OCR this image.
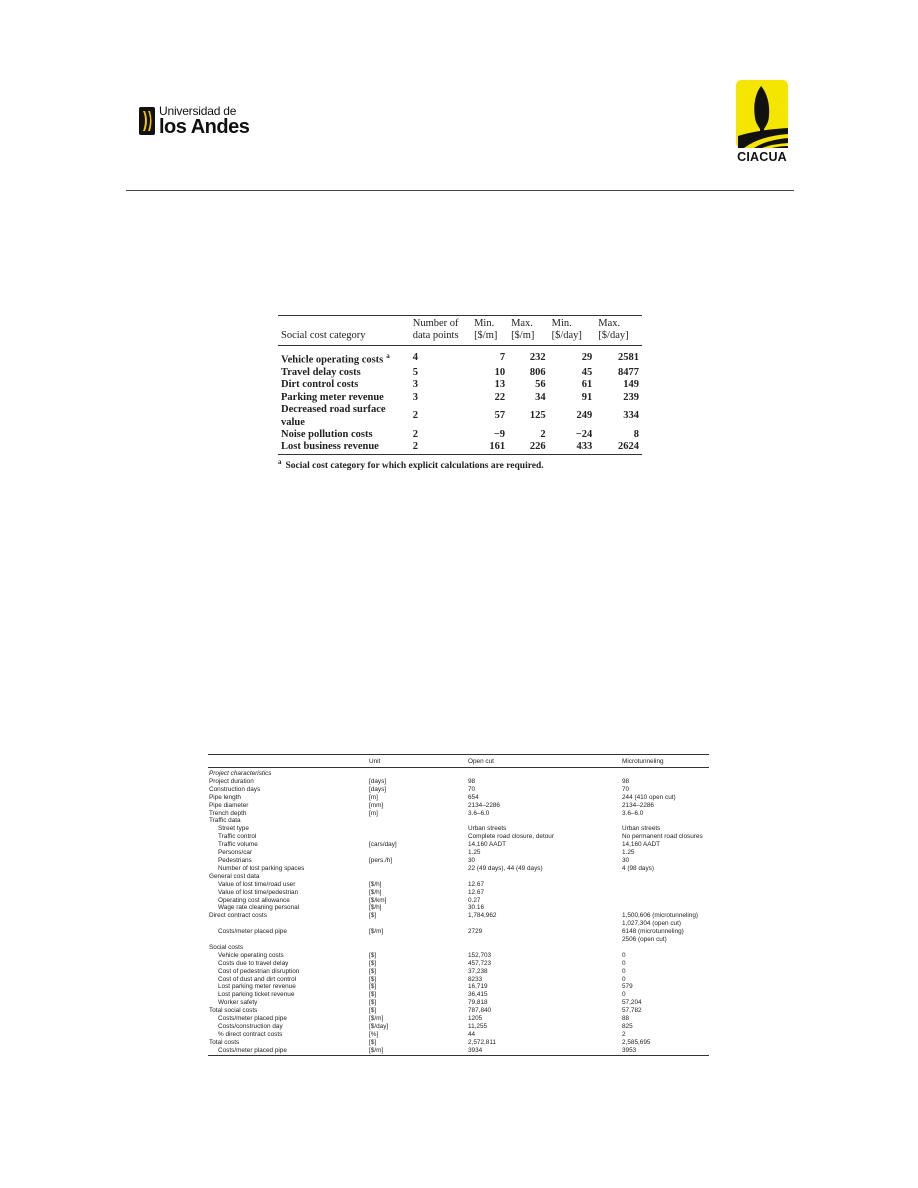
Universidad de
los Andes
CIACUA
Social cost category	Number of data points	Min. [$/m]	Max. [$/m]	Min. [$/day]	Max. [$/day]
Vehicle operating costs $^a$	4	7	232	29	2581
Travel delay costs	5	10	806	45	8477
Dirt control costs	3	13	56	61	149
Parking meter revenue	3	22	34	91	239
Decreased road surface value	2	57	125	249	334
Noise pollution costs	2	−9	2	−24	8
Lost business revenue	2	161	226	433	2624
$^a$ Social cost category for which explicit calculations are required.
	Unit	Open cut	Microtunneling
Project characteristics			
Project duration	[days]	98	98
Construction days	[days]	70	70
Pipe length	[m]	654	244 (410 open cut)
Pipe diameter	[mm]	2134–2286	2134–2286
Trench depth	[m]	3.6–6.0	3.6–6.0
Traffic data			
Street type		Urban streets	Urban streets
Traffic control		Complete road closure, detour	No permanent road closures
Traffic volume	[cars/day]	14,160 AADT	14,160 AADT
Persons/car		1.25	1.25
Pedestrians	[pers./h]	30	30
Number of lost parking spaces		22 (49 days), 44 (49 days)	4 (98 days)
General cost data			
Value of lost time/road user	[$/h]	12.67	
Value of lost time/pedestrian	[$/h]	12.67	
Operating cost allowance	[$/km]	0.27	
Wage rate cleaning personal	[$/h]	30.16	
Direct contract costs	[$]	1,784,962	1,500,606 (microtunneling)
			1,027,304 (open cut)
Costs/meter placed pipe	[$/m]	2729	6148 (microtunneling)
			2506 (open cut)
Social costs			
Vehicle operating costs	[$]	152,703	0
Costs due to travel delay	[$]	457,723	0
Cost of pedestrian disruption	[$]	37,238	0
Cost of dust and dirt control	[$]	8233	0
Lost parking meter revenue	[$]	16,719	579
Lost parking ticket revenue	[$]	36,415	0
Worker safety	[$]	79,818	57,204
Total social costs	[$]	787,840	57,782
Costs/meter placed pipe	[$/m]	1205	88
Costs/construction day	[$/day]	11,255	825
% direct contract costs	[%]	44	2
Total costs	[$]	2,572,811	2,585,695
Costs/meter placed pipe	[$/m]	3934	3953
